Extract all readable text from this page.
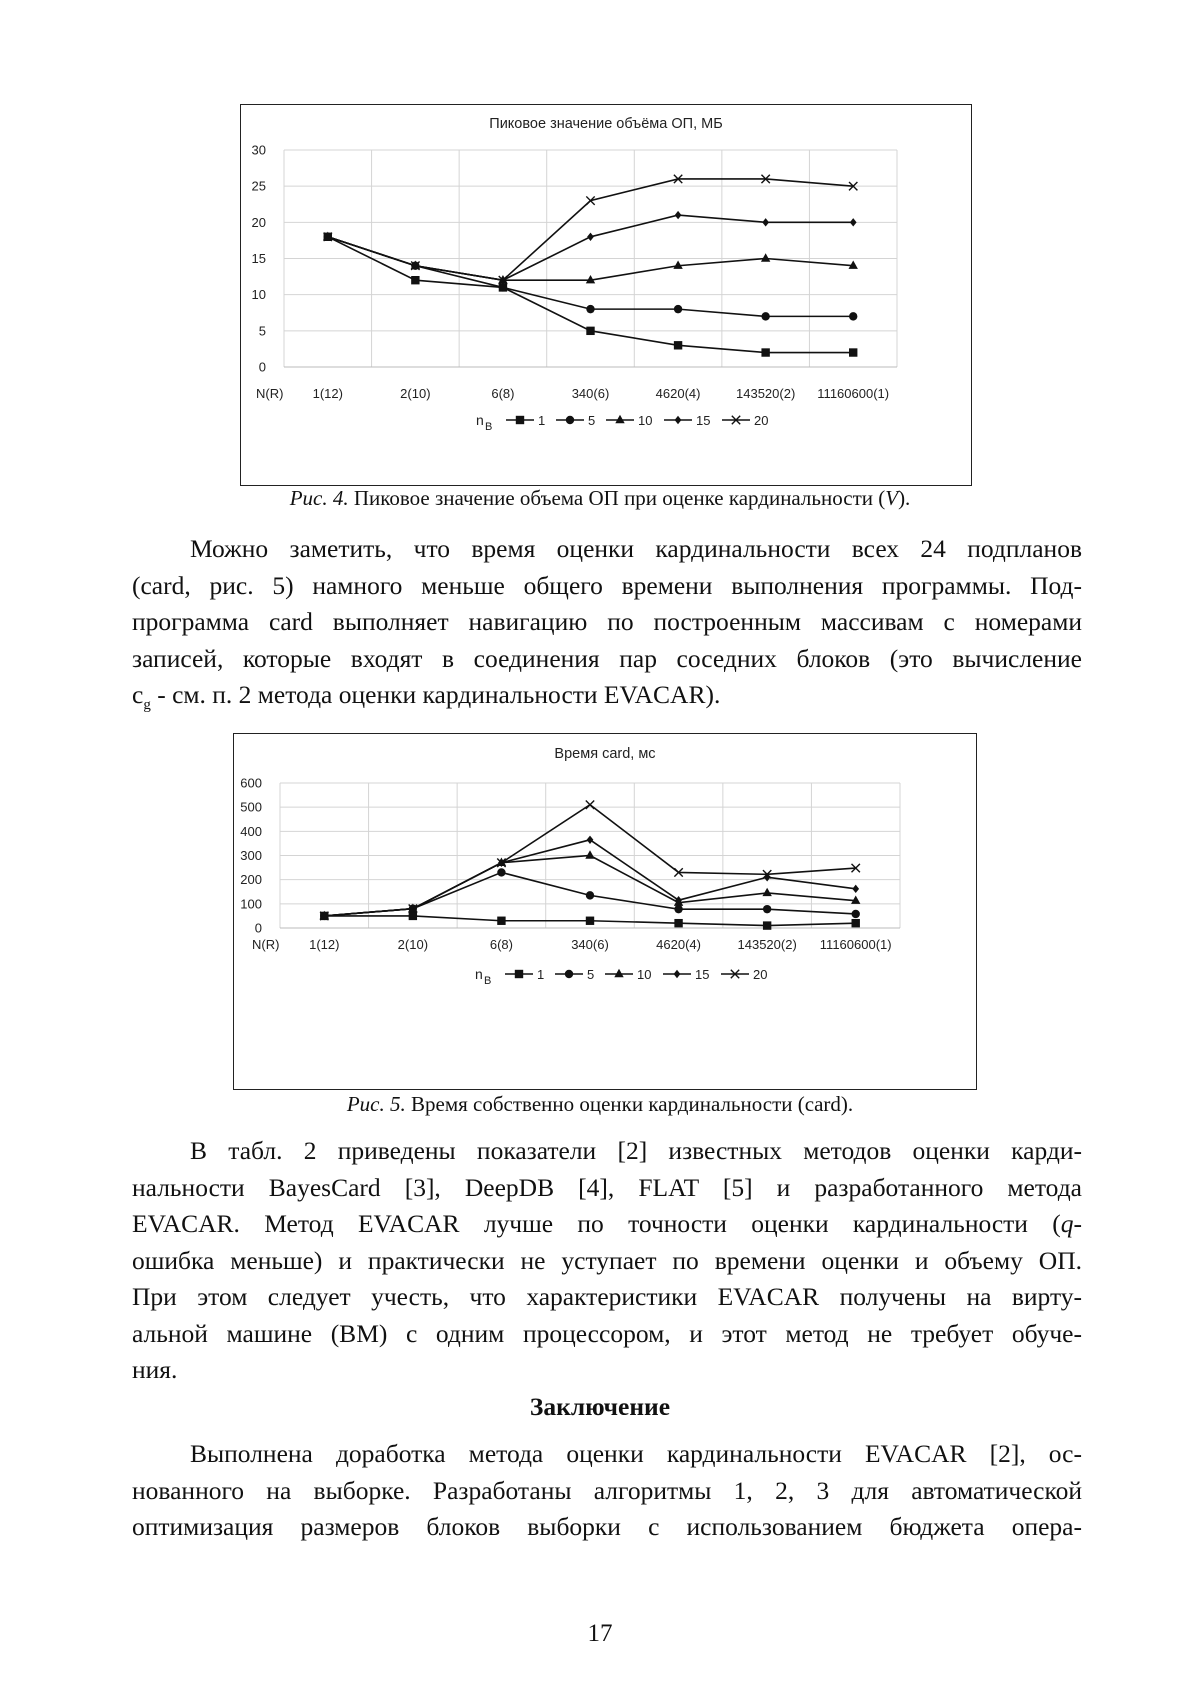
Пиковое значение объёма ОП, МБ
0
5
10
15
20
25
30
N(R) 1(12)	2(10)	6(8)	340(6)	4620(4)	143520(2) 11160600(1)
n B	1	5	10	15	20
Рис. 4. Пиковое значение объема ОП при оценке кардинальности (V).
Можно заметить, что время оценки кардинальности всех 24 подпланов
(card, рис. 5) намного меньше общего времени выполнения программы. Под-
программа card выполняет навигацию по построенным массивам с номерами
записей, которые входят в соединения пар соседних блоков (это вычисление
$c_g$ - см. п. 2 метода оценки кардинальности EVACAR).
Время card, мс
0
100
200
300
400
500
600
N(R) 1(12)	2(10)	6(8)	340(6)	4620(4)	143520(2) 11160600(1)
n B	1	5	10	15	20
Рис. 5. Время собственно оценки кардинальности (card).
В табл. 2 приведены показатели [2] известных методов оценки карди-
нальности BayesCard [3], DeepDB [4], FLAT [5] и разработанного метода
EVACAR. Метод EVACAR лучше по точности оценки кардинальности (q-
ошибка меньше) и практически не уступает по времени оценки и объему ОП.
При этом следует учесть, что характеристики EVACAR получены на вирту-
альной машине (ВМ) с одним процессором, и этот метод не требует обуче-
ния.
Заключение
Выполнена доработка метода оценки кардинальности EVACAR [2], ос-
нованного на выборке. Разработаны алгоритмы 1, 2, 3 для автоматической
оптимизация размеров блоков выборки с использованием бюджета опера-
17
